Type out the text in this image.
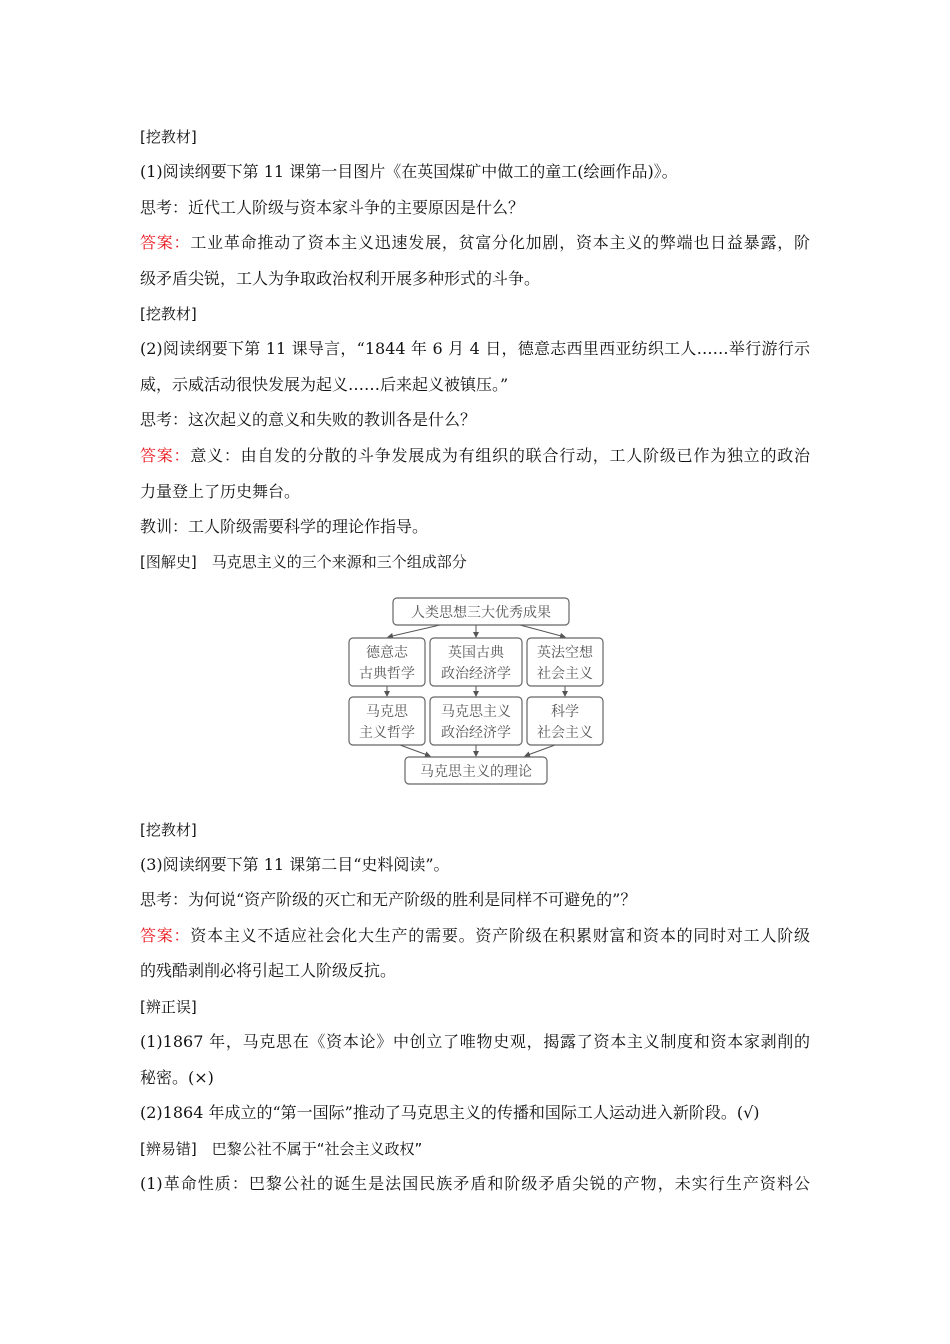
[挖教材]
(1)阅读纲要下第 11 课第一目图片《在英国煤矿中做工的童工(绘画作品)》。
思考：近代工人阶级与资本家斗争的主要原因是什么？
答案：工业革命推动了资本主义迅速发展，贫富分化加剧，资本主义的弊端也日益暴露，阶
级矛盾尖锐，工人为争取政治权利开展多种形式的斗争。
[挖教材]
(2)阅读纲要下第 11 课导言，“1844 年 6 月 4 日，德意志西里西亚纺织工人……举行游行示
威，示威活动很快发展为起义……后来起义被镇压。”
思考：这次起义的意义和失败的教训各是什么？
答案：意义：由自发的分散的斗争发展成为有组织的联合行动，工人阶级已作为独立的政治
力量登上了历史舞台。
教训：工人阶级需要科学的理论作指导。
[图解史]　马克思主义的三个来源和三个组成部分
人类思想三大优秀成果
德意志
古典哲学
英国古典
政治经济学
英法空想
社会主义
马克思
主义哲学
马克思主义
政治经济学
科学
社会主义
马克思主义的理论
[挖教材]
(3)阅读纲要下第 11 课第二目“史料阅读”。
思考：为何说“资产阶级的灭亡和无产阶级的胜利是同样不可避免的”？
答案：资本主义不适应社会化大生产的需要。资产阶级在积累财富和资本的同时对工人阶级
的残酷剥削必将引起工人阶级反抗。
[辨正误]
(1)1867 年，马克思在《资本论》中创立了唯物史观，揭露了资本主义制度和资本家剥削的
秘密。(×)
(2)1864 年成立的“第一国际”推动了马克思主义的传播和国际工人运动进入新阶段。(√)
[辨易错]　巴黎公社不属于“社会主义政权”
(1)革命性质：巴黎公社的诞生是法国民族矛盾和阶级矛盾尖锐的产物，未实行生产资料公
